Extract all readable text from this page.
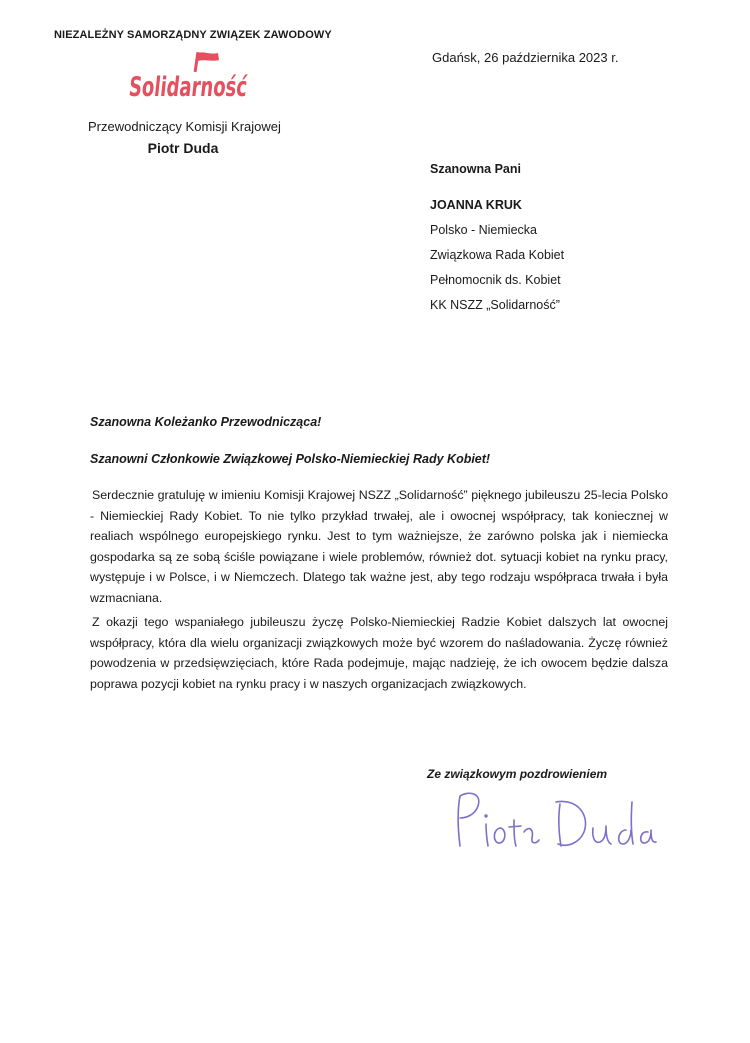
NIEZALEŻNY SAMORZĄDNY ZWIĄZEK ZAWODOWY
Solidarność
Przewodniczący Komisji Krajowej
Piotr Duda
Gdańsk, 26 października 2023 r.
Szanowna Pani
JOANNA KRUK
Polsko - Niemiecka
Związkowa Rada Kobiet
Pełnomocnik ds. Kobiet
KK NSZZ „Solidarność”
Szanowna Koleżanko Przewodnicząca!
Szanowni Członkowie Związkowej Polsko-Niemieckiej Rady Kobiet!
Serdecznie gratuluję w imieniu Komisji Krajowej NSZZ „Solidarność” pięknego jubileuszu 25-lecia Polsko - Niemieckiej Rady Kobiet. To nie tylko przykład trwałej, ale i owocnej współpracy, tak koniecznej w realiach wspólnego europejskiego rynku. Jest to tym ważniejsze, że zarówno polska jak i niemiecka gospodarka są ze sobą ściśle powiązane i wiele problemów, również dot. sytuacji kobiet na rynku pracy, występuje i w Polsce, i w Niemczech. Dlatego tak ważne jest, aby tego rodzaju współpraca trwała i była wzmacniana.
Z okazji tego wspaniałego jubileuszu życzę Polsko-Niemieckiej Radzie Kobiet dalszych lat owocnej współpracy, która dla wielu organizacji związkowych może być wzorem do naśladowania. Życzę również powodzenia w przedsięwzięciach, które Rada podejmuje, mając nadzieję, że ich owocem będzie dalsza poprawa pozycji kobiet na rynku pracy i w naszych organizacjach związkowych.
Ze związkowym pozdrowieniem
